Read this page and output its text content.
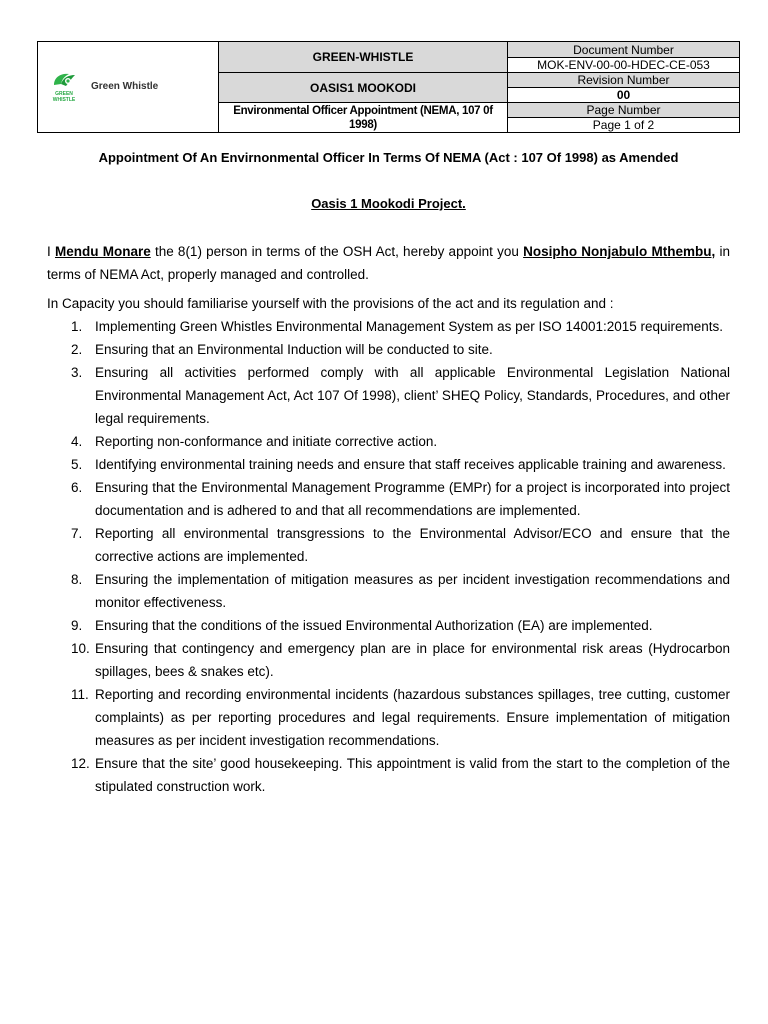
GREEN
WHISTLE
Green Whistle	GREEN-WHISTLE	Document Number
		MOK-ENV-00-00-HDEC-CE-053
	OASIS1 MOOKODI	Revision Number
		00
	Environmental Officer Appointment (NEMA, 107 0f 1998)	Page Number
		Page 1 of 2
Appointment Of An Envirnonmental Officer In Terms Of NEMA (Act : 107 Of 1998) as Amended
Oasis 1 Mookodi Project.
I Mendu Monare the 8(1) person in terms of the OSH Act, hereby appoint you Nosipho Nonjabulo Mthembu, in terms of NEMA Act, properly managed and controlled.
In Capacity you should familiarise yourself with the provisions of the act and its regulation and :
1. Implementing Green Whistles Environmental Management System as per ISO 14001:2015 requirements.
2. Ensuring that an Environmental Induction will be conducted to site.
3. Ensuring all activities performed comply with all applicable Environmental Legislation National Environmental Management Act, Act 107 Of 1998), client’ SHEQ Policy, Standards, Procedures, and other legal requirements.
4. Reporting non-conformance and initiate corrective action.
5. Identifying environmental training needs and ensure that staff receives applicable training and awareness.
6. Ensuring that the Environmental Management Programme (EMPr) for a project is incorporated into project documentation and is adhered to and that all recommendations are implemented.
7. Reporting all environmental transgressions to the Environmental Advisor/ECO and ensure that the corrective actions are implemented.
8. Ensuring the implementation of mitigation measures as per incident investigation recommendations and monitor effectiveness.
9. Ensuring that the conditions of the issued Environmental Authorization (EA) are implemented.
10. Ensuring that contingency and emergency plan are in place for environmental risk areas (Hydrocarbon spillages, bees & snakes etc).
11. Reporting and recording environmental incidents (hazardous substances spillages, tree cutting, customer complaints) as per reporting procedures and legal requirements. Ensure implementation of mitigation measures as per incident investigation recommendations.
12. Ensure that the site’ good housekeeping. This appointment is valid from the start to the completion of the stipulated construction work.
